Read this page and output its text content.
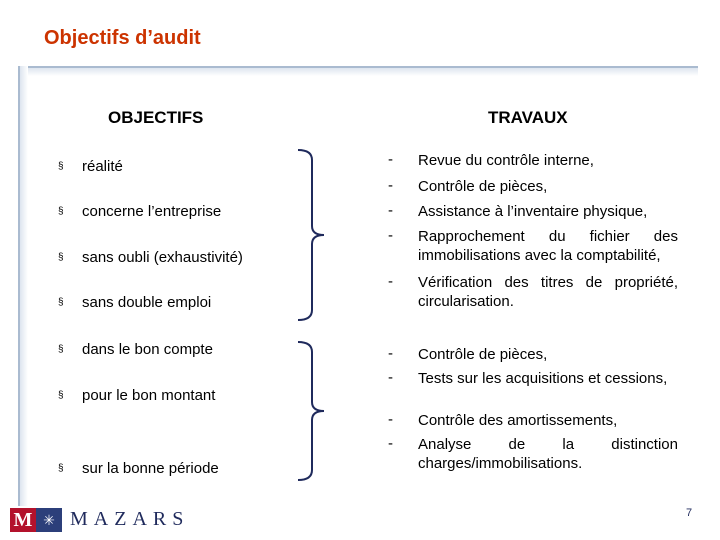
Objectifs d’audit
OBJECTIFS	TRAVAUX
§ réalité
§ concerne l’entreprise
§ sans oubli (exhaustivité)
§ sans double emploi
§ dans le bon compte
§ pour le bon montant
§ sur la bonne période
- Revue du contrôle interne,
- Contrôle de pièces,
- Assistance à l’inventaire physique,
- Rapprochement du fichier des immobilisations avec la comptabilité,
- Vérification des titres de propriété, circularisation.
- Contrôle de pièces,
- Tests sur les acquisitions et cessions,
- Contrôle des amortissements,
- Analyse de la distinction charges/immobilisations.
M ✳ MAZARS	7
